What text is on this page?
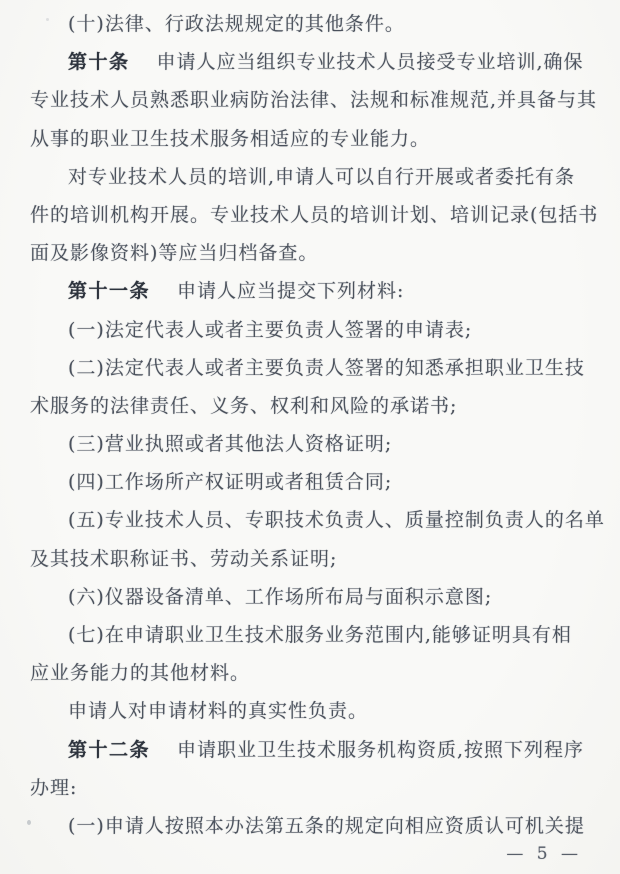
(十)法律、行政法规规定的其他条件。
第十条 申请人应当组织专业技术人员接受专业培训,确保
专业技术人员熟悉职业病防治法律、法规和标准规范,并具备与其
从事的职业卫生技术服务相适应的专业能力。
对专业技术人员的培训,申请人可以自行开展或者委托有条
件的培训机构开展。专业技术人员的培训计划、培训记录(包括书
面及影像资料)等应当归档备查。
第十一条 申请人应当提交下列材料:
(一)法定代表人或者主要负责人签署的申请表;
(二)法定代表人或者主要负责人签署的知悉承担职业卫生技
术服务的法律责任、义务、权利和风险的承诺书;
(三)营业执照或者其他法人资格证明;
(四)工作场所产权证明或者租赁合同;
(五)专业技术人员、专职技术负责人、质量控制负责人的名单
及其技术职称证书、劳动关系证明;
(六)仪器设备清单、工作场所布局与面积示意图;
(七)在申请职业卫生技术服务业务范围内,能够证明具有相
应业务能力的其他材料。
申请人对申请材料的真实性负责。
第十二条 申请职业卫生技术服务机构资质,按照下列程序
办理:
(一)申请人按照本办法第五条的规定向相应资质认可机关提
— 5 —
